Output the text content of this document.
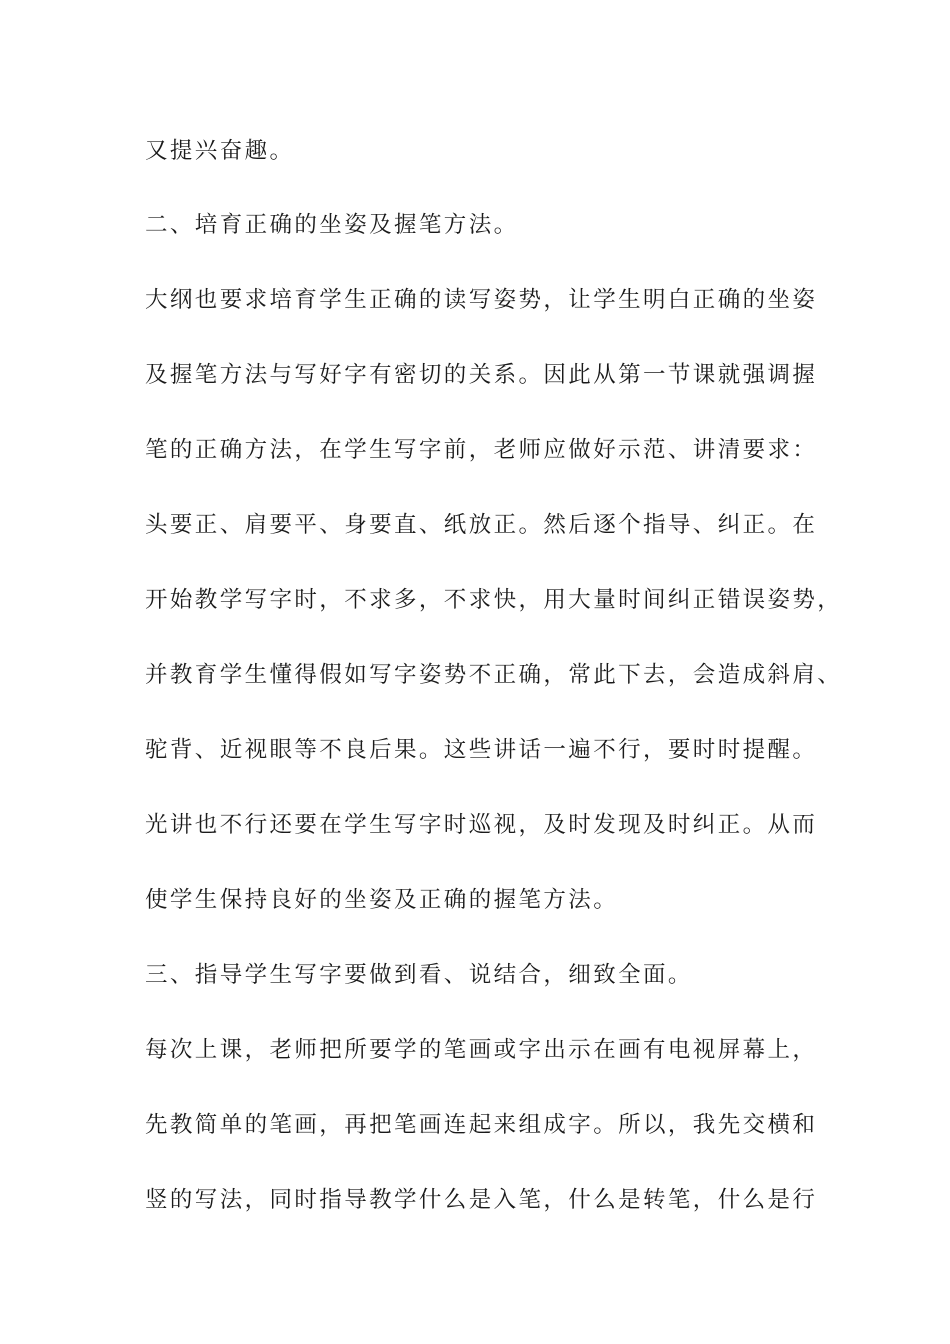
又提兴奋趣。

二、培育正确的坐姿及握笔方法。

大纲也要求培育学生正确的读写姿势，让学生明白正确的坐姿

及握笔方法与写好字有密切的关系。因此从第一节课就强调握

笔的正确方法，在学生写字前，老师应做好示范、讲清要求：

头要正、肩要平、身要直、纸放正。然后逐个指导、纠正。在

开始教学写字时，不求多，不求快，用大量时间纠正错误姿势，

并教育学生懂得假如写字姿势不正确，常此下去，会造成斜肩、

驼背、近视眼等不良后果。这些讲话一遍不行，要时时提醒。

光讲也不行还要在学生写字时巡视，及时发现及时纠正。从而

使学生保持良好的坐姿及正确的握笔方法。

三、指导学生写字要做到看、说结合，细致全面。

每次上课，老师把所要学的笔画或字出示在画有电视屏幕上，

先教简单的笔画，再把笔画连起来组成字。所以，我先交横和

竖的写法，同时指导教学什么是入笔，什么是转笔，什么是行
